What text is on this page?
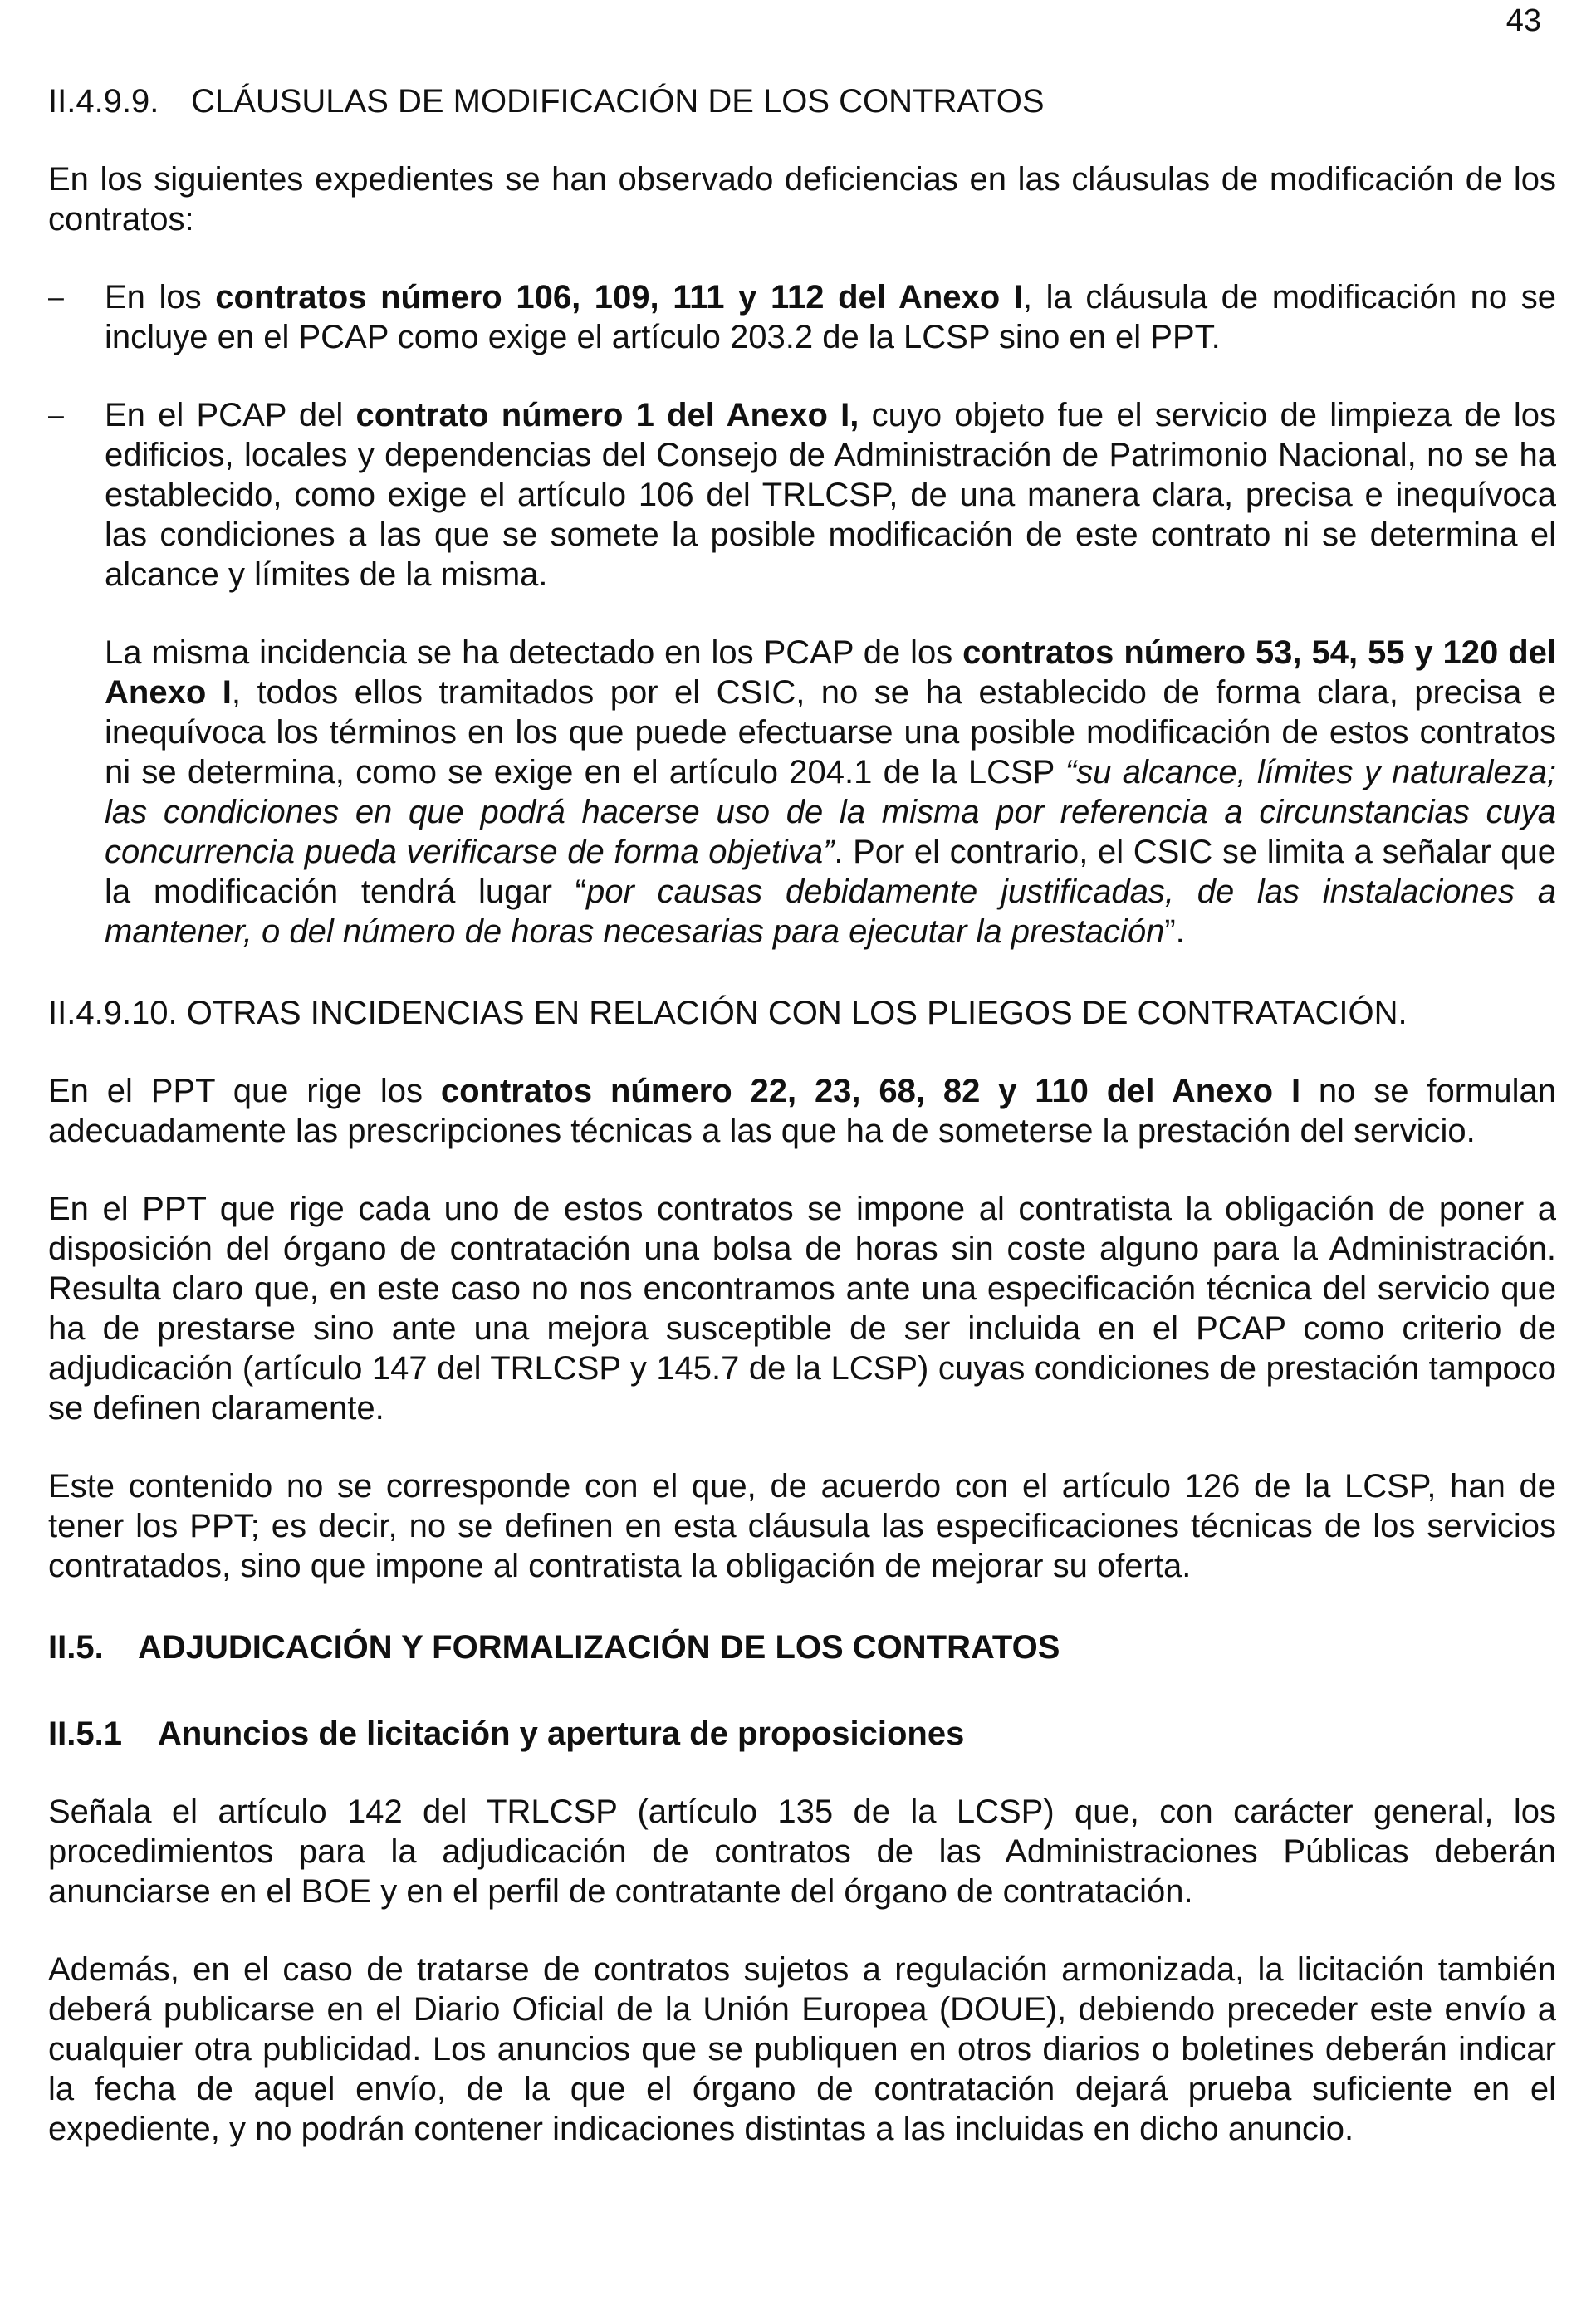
43
II.4.9.9. CLÁUSULAS DE MODIFICACIÓN DE LOS CONTRATOS

En los siguientes expedientes se han observado deficiencias en las cláusulas de modificación de los contratos:

– En los contratos número 106, 109, 111 y 112 del Anexo I, la cláusula de modificación no se incluye en el PCAP como exige el artículo 203.2 de la LCSP sino en el PPT.

– En el PCAP del contrato número 1 del Anexo I, cuyo objeto fue el servicio de limpieza de los edificios, locales y dependencias del Consejo de Administración de Patrimonio Nacional, no se ha establecido, como exige el artículo 106 del TRLCSP, de una manera clara, precisa e inequívoca las condiciones a las que se somete la posible modificación de este contrato ni se determina el alcance y límites de la misma.

La misma incidencia se ha detectado en los PCAP de los contratos número 53, 54, 55 y 120 del Anexo I, todos ellos tramitados por el CSIC, no se ha establecido de forma clara, precisa e inequívoca los términos en los que puede efectuarse una posible modificación de estos contratos ni se determina, como se exige en el artículo 204.1 de la LCSP “su alcance, límites y naturaleza; las condiciones en que podrá hacerse uso de la misma por referencia a circunstancias cuya concurrencia pueda verificarse de forma objetiva”. Por el contrario, el CSIC se limita a señalar que la modificación tendrá lugar “por causas debidamente justificadas, de las instalaciones a mantener, o del número de horas necesarias para ejecutar la prestación”.

II.4.9.10. OTRAS INCIDENCIAS EN RELACIÓN CON LOS PLIEGOS DE CONTRATACIÓN.

En el PPT que rige los contratos número 22, 23, 68, 82 y 110 del Anexo I no se formulan adecuadamente las prescripciones técnicas a las que ha de someterse la prestación del servicio.

En el PPT que rige cada uno de estos contratos se impone al contratista la obligación de poner a disposición del órgano de contratación una bolsa de horas sin coste alguno para la Administración. Resulta claro que, en este caso no nos encontramos ante una especificación técnica del servicio que ha de prestarse sino ante una mejora susceptible de ser incluida en el PCAP como criterio de adjudicación (artículo 147 del TRLCSP y 145.7 de la LCSP) cuyas condiciones de prestación tampoco se definen claramente.

Este contenido no se corresponde con el que, de acuerdo con el artículo 126 de la LCSP, han de tener los PPT; es decir, no se definen en esta cláusula las especificaciones técnicas de los servicios contratados, sino que impone al contratista la obligación de mejorar su oferta.

II.5. ADJUDICACIÓN Y FORMALIZACIÓN DE LOS CONTRATOS
II.5.1 Anuncios de licitación y apertura de proposiciones

Señala el artículo 142 del TRLCSP (artículo 135 de la LCSP) que, con carácter general, los procedimientos para la adjudicación de contratos de las Administraciones Públicas deberán anunciarse en el BOE y en el perfil de contratante del órgano de contratación.

Además, en el caso de tratarse de contratos sujetos a regulación armonizada, la licitación también deberá publicarse en el Diario Oficial de la Unión Europea (DOUE), debiendo preceder este envío a cualquier otra publicidad. Los anuncios que se publiquen en otros diarios o boletines deberán indicar la fecha de aquel envío, de la que el órgano de contratación dejará prueba suficiente en el expediente, y no podrán contener indicaciones distintas a las incluidas en dicho anuncio.
